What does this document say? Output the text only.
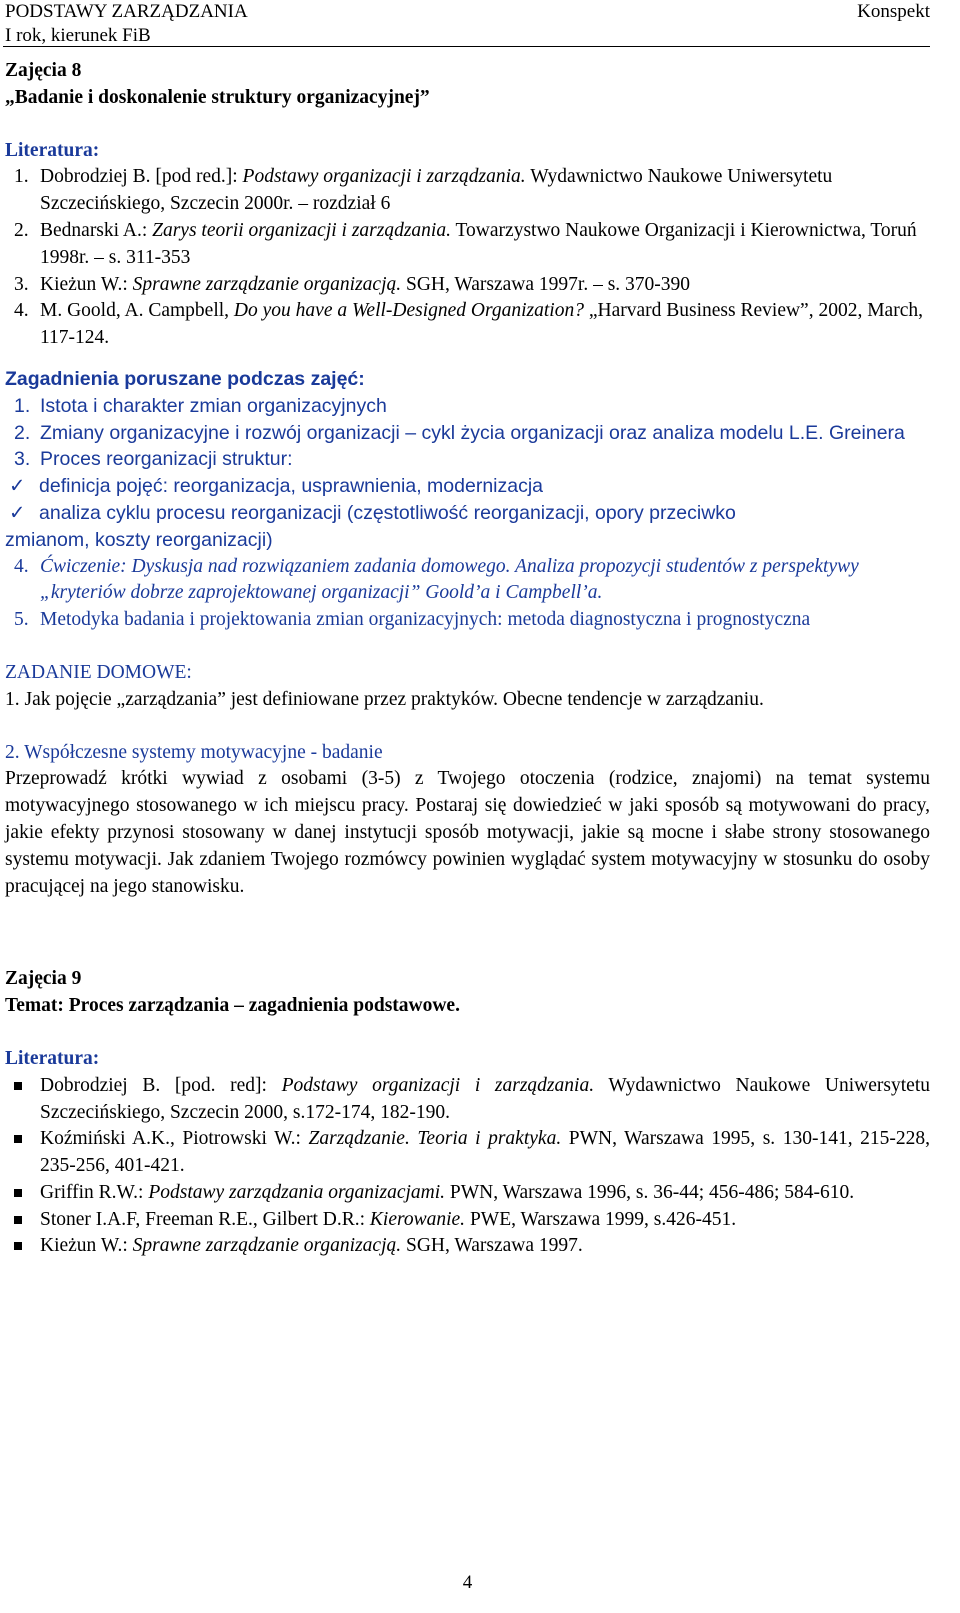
PODSTAWY ZARZĄDZANIA
I rok, kierunek FiB
Konspekt
Zajęcia 8
„Badanie i doskonalenie struktury organizacyjnej”
Literatura:
1. Dobrodziej B. [pod red.]: Podstawy organizacji i zarządzania. Wydawnictwo Naukowe Uniwersytetu Szczecińskiego, Szczecin 2000r. – rozdział 6
2. Bednarski A.: Zarys teorii organizacji i zarządzania. Towarzystwo Naukowe Organizacji i Kierownictwa, Toruń 1998r. – s. 311-353
3. Kieżun W.: Sprawne zarządzanie organizacją. SGH, Warszawa 1997r. – s. 370-390
4. M. Goold, A. Campbell, Do you have a Well-Designed Organization? „Harvard Business Review”, 2002, March, 117-124.
Zagadnienia poruszane podczas zajęć:
1. Istota i charakter zmian organizacyjnych
2. Zmiany organizacyjne i rozwój organizacji – cykl życia organizacji oraz analiza modelu L.E. Greinera
3. Proces reorganizacji struktur:
✓ definicja pojęć: reorganizacja, usprawnienia, modernizacja
✓ analiza cyklu procesu reorganizacji (częstotliwość reorganizacji, opory przeciwko
zmianom, koszty reorganizacji)
4. Ćwiczenie: Dyskusja nad rozwiązaniem zadania domowego. Analiza propozycji studentów z perspektywy „kryteriów dobrze zaprojektowanej organizacji” Goold’a i Campbell’a.
5. Metodyka badania i projektowania zmian organizacyjnych: metoda diagnostyczna i prognostyczna
ZADANIE DOMOWE:
1. Jak pojęcie „zarządzania” jest definiowane przez praktyków. Obecne tendencje w zarządzaniu.
2. Współczesne systemy motywacyjne - badanie
Przeprowadź krótki wywiad z osobami (3-5) z Twojego otoczenia (rodzice, znajomi) na temat systemu motywacyjnego stosowanego w ich miejscu pracy. Postaraj się dowiedzieć w jaki sposób są motywowani do pracy, jakie efekty przynosi stosowany w danej instytucji sposób motywacji, jakie są mocne i słabe strony stosowanego systemu motywacji. Jak zdaniem Twojego rozmówcy powinien wyglądać system motywacyjny w stosunku do osoby pracującej na jego stanowisku.
Zajęcia 9
Temat: Proces zarządzania – zagadnienia podstawowe.
Literatura:
Dobrodziej B. [pod. red]: Podstawy organizacji i zarządzania. Wydawnictwo Naukowe Uniwersytetu Szczecińskiego, Szczecin 2000, s.172-174, 182-190.
Koźmiński A.K., Piotrowski W.: Zarządzanie. Teoria i praktyka. PWN, Warszawa 1995, s. 130-141, 215-228, 235-256, 401-421.
Griffin R.W.: Podstawy zarządzania organizacjami. PWN, Warszawa 1996, s. 36-44; 456-486; 584-610.
Stoner I.A.F, Freeman R.E., Gilbert D.R.: Kierowanie. PWE, Warszawa 1999, s.426-451.
Kieżun W.: Sprawne zarządzanie organizacją. SGH, Warszawa 1997.
4
